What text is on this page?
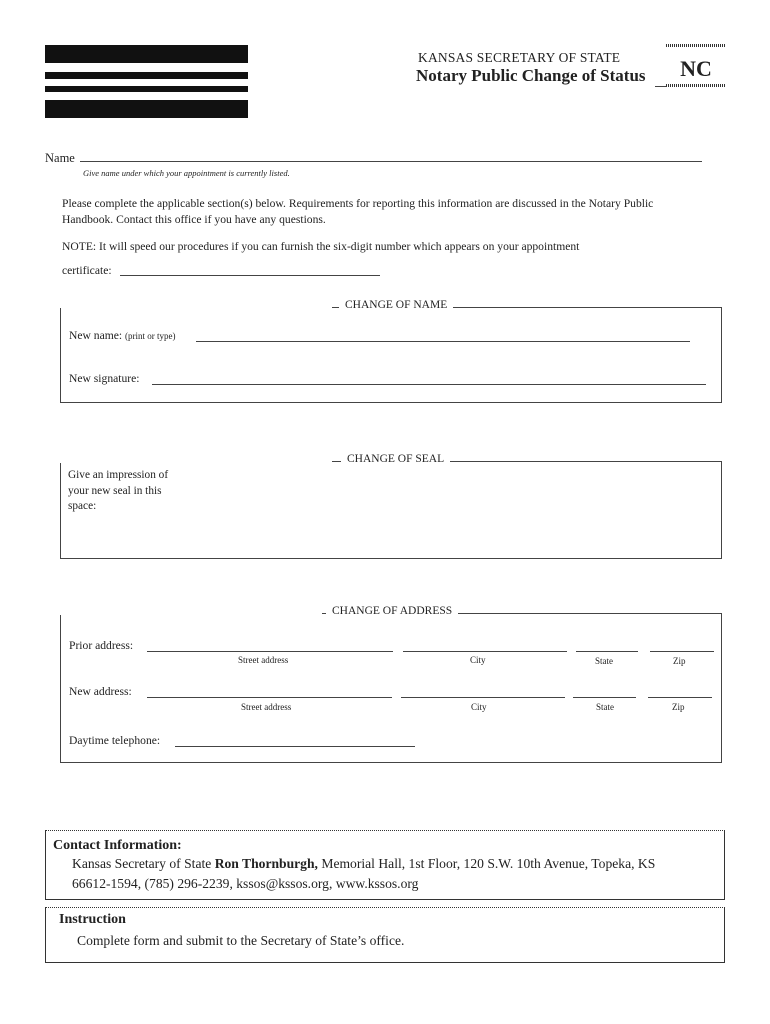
KANSAS SECRETARY OF STATE
Notary Public Change of Status	NC
Name
Give name under which your appointment is currently listed.
Please complete the applicable section(s) below. Requirements for reporting this information are discussed in the Notary Public Handbook. Contact this office if you have any questions.
NOTE: It will speed our procedures if you can furnish the six-digit number which appears on your appointment
certificate:
CHANGE OF NAME
New name: (print or type)
New signature:
CHANGE OF SEAL
Give an impression of your new seal in this space:
CHANGE OF ADDRESS
Prior address:
Street address	City	State	Zip
New address:
Street address	City	State	Zip
Daytime telephone:
Contact Information:
Kansas Secretary of State Ron Thornburgh, Memorial Hall, 1st Floor, 120 S.W. 10th Avenue, Topeka, KS
66612-1594, (785) 296-2239, kssos@kssos.org, www.kssos.org
Instruction
Complete form and submit to the Secretary of State’s office.
